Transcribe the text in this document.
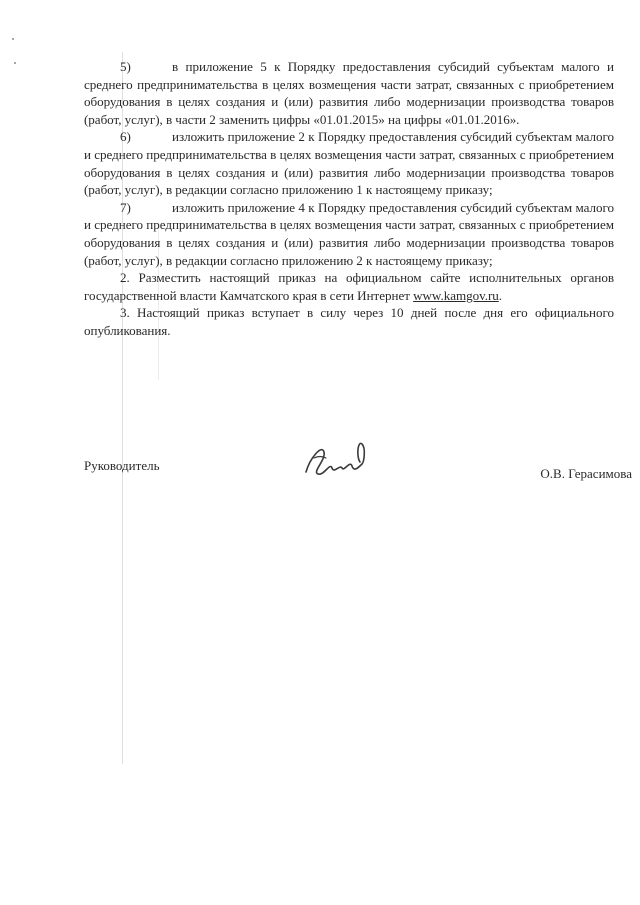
5)	в приложение 5 к Порядку предоставления субсидий субъектам малого и среднего предпринимательства в целях возмещения части затрат, связанных с приобретением оборудования в целях создания и (или) развития либо модернизации производства товаров (работ, услуг), в части 2 заменить цифры «01.01.2015» на цифры «01.01.2016».

6)	изложить приложение 2 к Порядку предоставления субсидий субъектам малого и среднего предпринимательства в целях возмещения части затрат, связанных с приобретением оборудования в целях создания и (или) развития либо модернизации производства товаров (работ, услуг), в редакции согласно приложению 1 к настоящему приказу;

7)	изложить приложение 4 к Порядку предоставления субсидий субъектам малого и среднего предпринимательства в целях возмещения части затрат, связанных с приобретением оборудования в целях создания и (или) развития либо модернизации производства товаров (работ, услуг), в редакции согласно приложению 2 к настоящему приказу;

2. Разместить настоящий приказ на официальном сайте исполнительных органов государственной власти Камчатского края в сети Интернет www.kamgov.ru.

3. Настоящий приказ вступает в силу через 10 дней после дня его официального опубликования.

Руководитель
О.В. Герасимова
